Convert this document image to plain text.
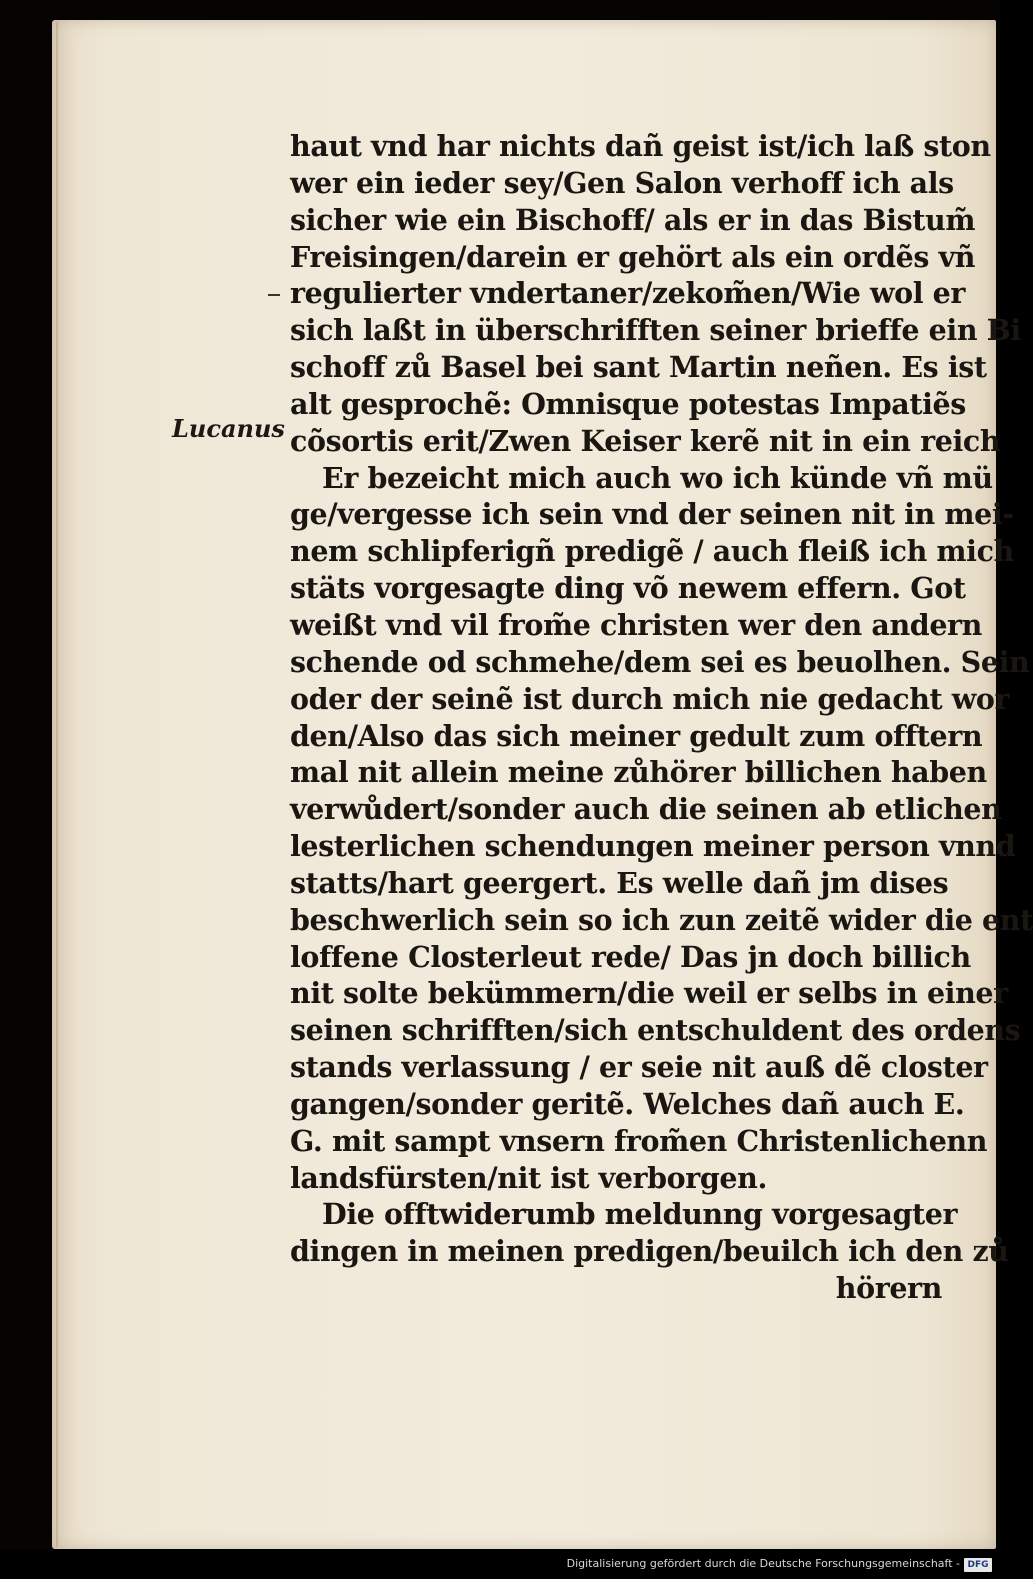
Lucanus
haut vnd har nichts dañ geist ist/ich laß ston
wer ein ieder sey/Gen Salon verhoff ich als
sicher wie ein Bischoff/ als er in das Bistum̃
Freisingen/darein er gehört als ein ordẽs vñ
regulierter vndertaner/zekom̃en/Wie wol er
sich laßt in überschrifften seiner brieffe ein Bi
schoff zů Basel bei sant Martin neñen. Es ist
alt gesprochẽ: Omnisque potestas Impatiẽs
cõsortis erit/Zwen Keiser kerẽ nit in ein reich
Er bezeicht mich auch wo ich künde vñ mü
ge/vergesse ich sein vnd der seinen nit in mei-
nem schlipferigñ predigẽ / auch fleiß ich mich
stäts vorgesagte ding võ newem effern. Got
weißt vnd vil from̃e christen wer den andern
schende od schmehe/dem sei es beuolhen. Sein
oder der seinẽ ist durch mich nie gedacht wor
den/Also das sich meiner gedult zum offtern
mal nit allein meine zůhörer billichen haben
verwůdert/sonder auch die seinen ab etlichen
lesterlichen schendungen meiner person vnnd
statts/hart geergert. Es welle dañ jm dises
beschwerlich sein so ich zun zeitẽ wider die ent
loffene Closterleut rede/ Das jn doch billich
nit solte bekümmern/die weil er selbs in einer
seinen schrifften/sich entschuldent des ordens
stands verlassung / er seie nit auß dẽ closter
gangen/sonder geritẽ. Welches dañ auch E.
G. mit sampt vnsern from̃en Christenlichenn
landsfürsten/nit ist verborgen.
Die offtwiderumb meldunng vorgesagter
dingen in meinen predigen/beuilch ich den zů
hörern
Digitalisierung gefördert durch die Deutsche Forschungsgemeinschaft - DFG
